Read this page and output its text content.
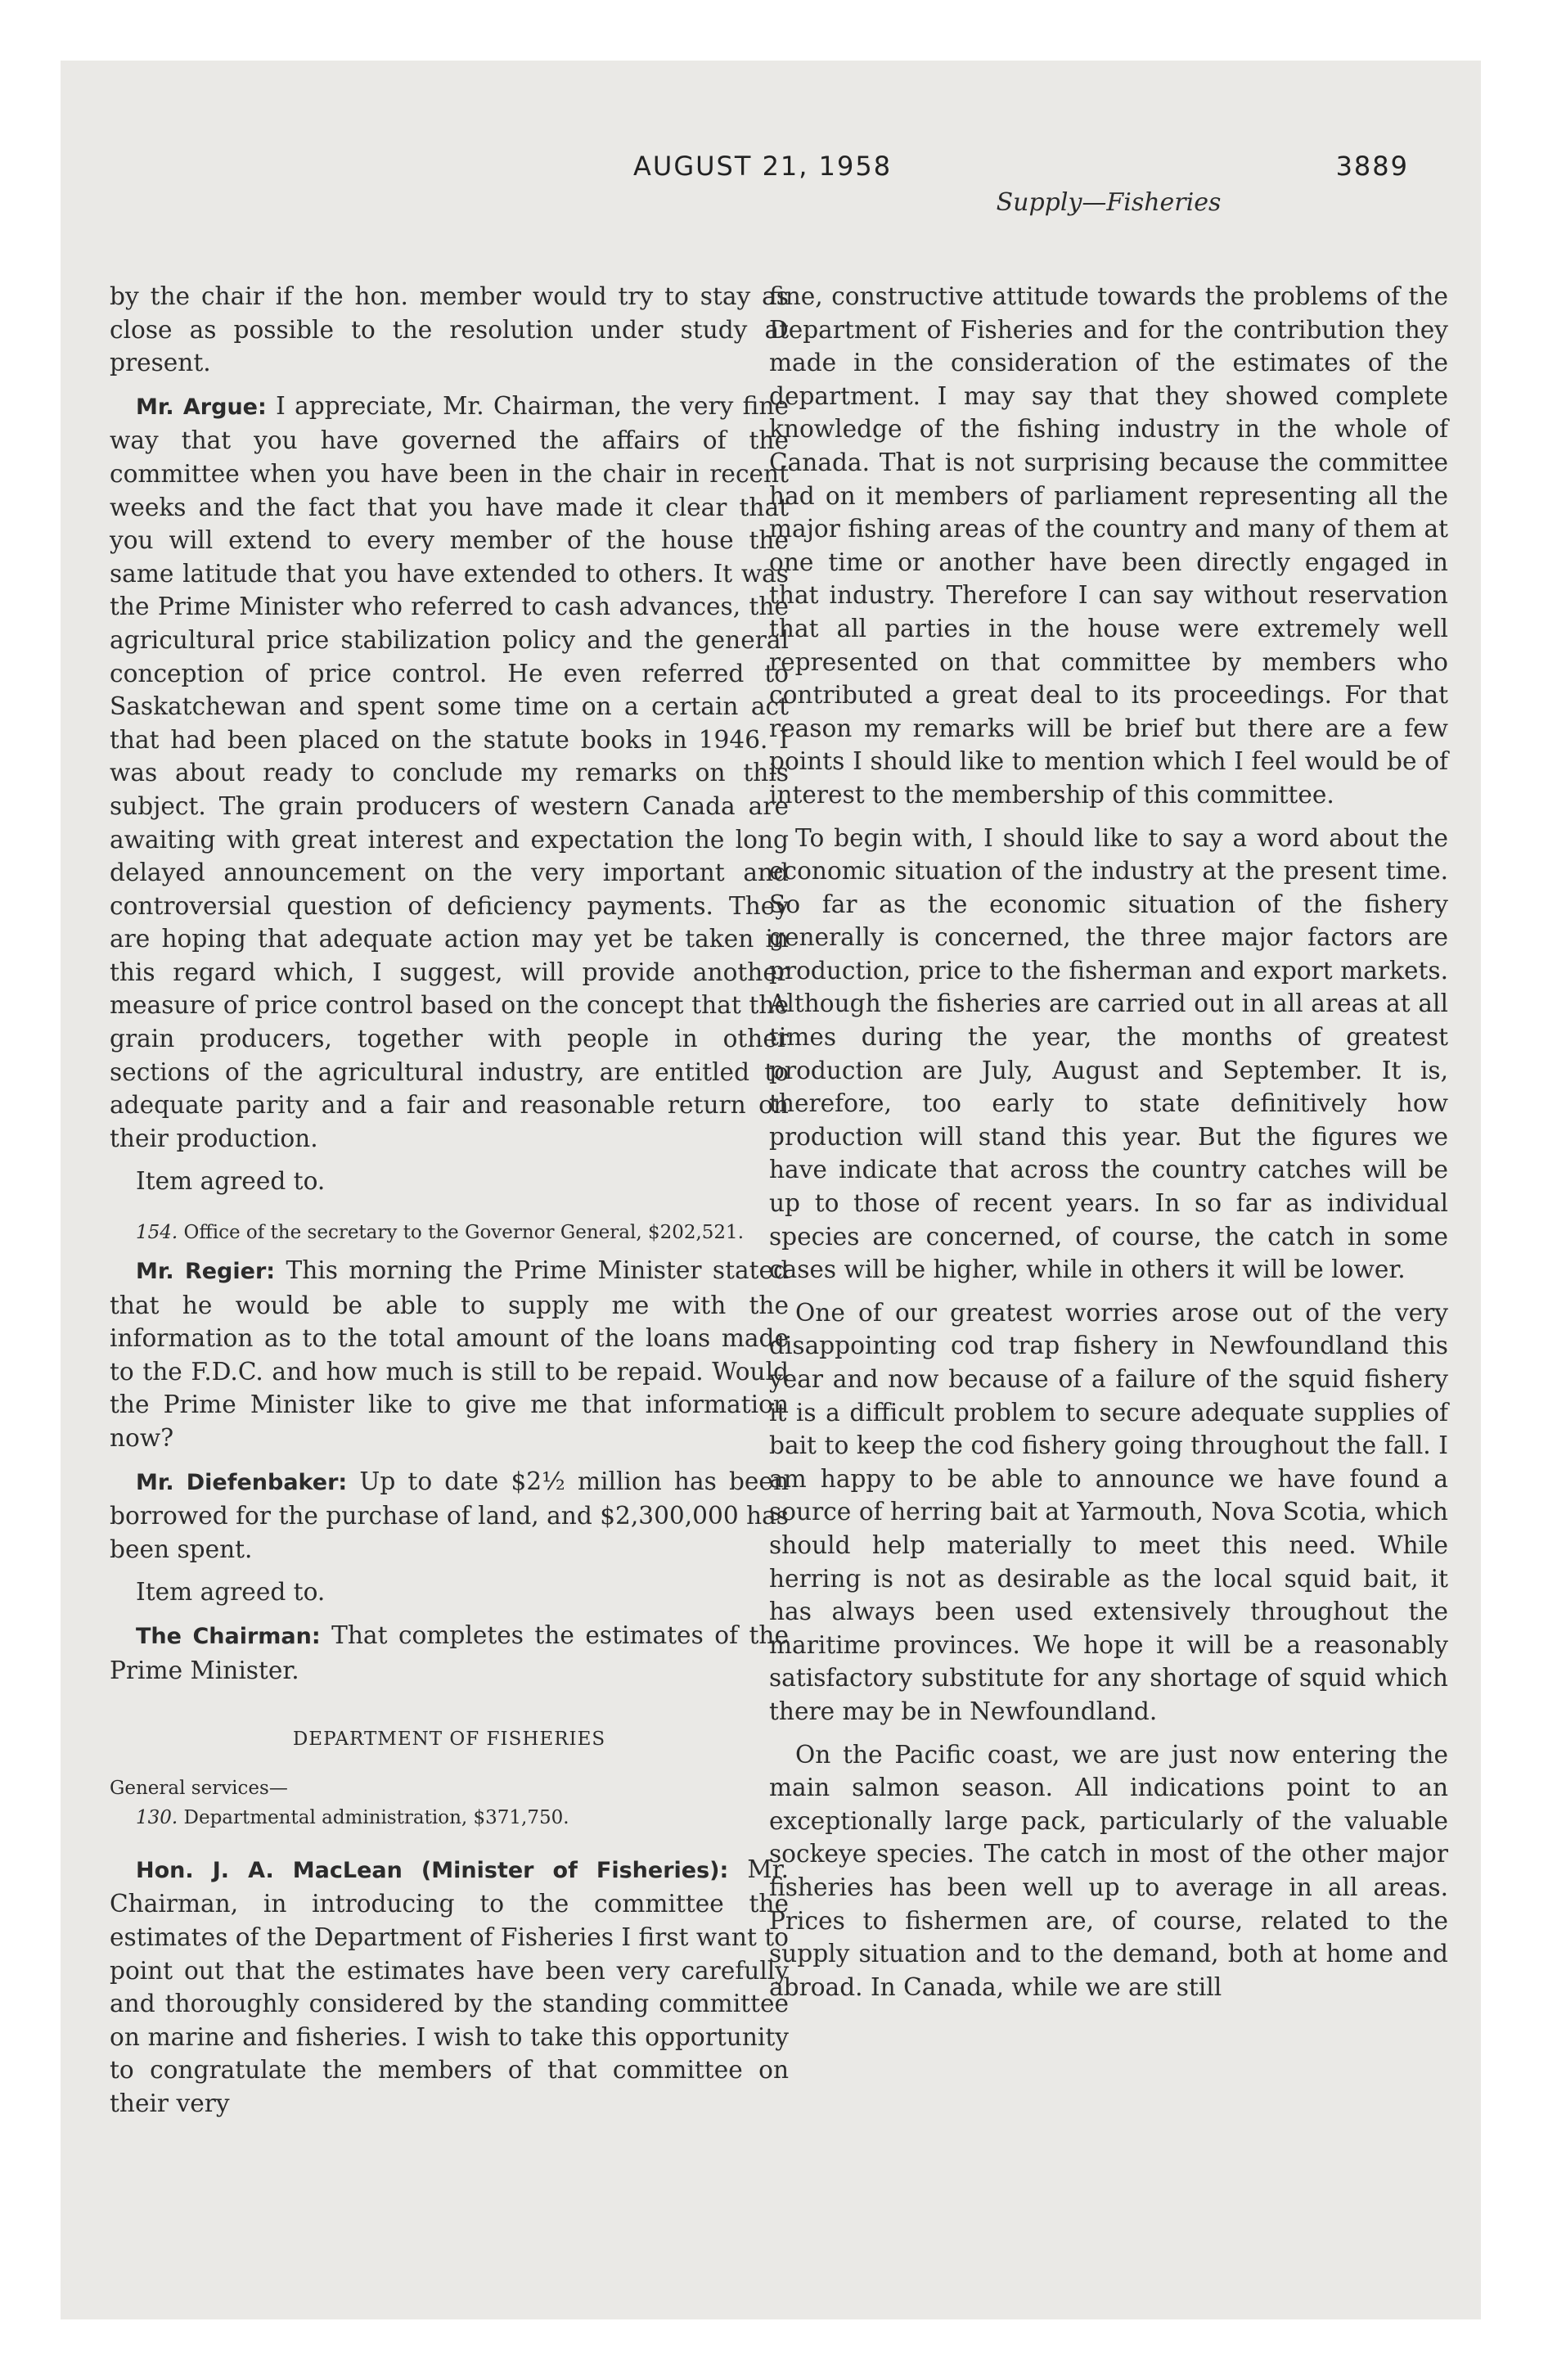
AUGUST 21, 1958	3889
Supply—Fisheries

by the chair if the hon. member would try to stay as close as possible to the resolution under study at present.

Mr. Argue: I appreciate, Mr. Chairman, the very fine way that you have governed the affairs of the committee when you have been in the chair in recent weeks and the fact that you have made it clear that you will extend to every member of the house the same latitude that you have extended to others. It was the Prime Minister who referred to cash advances, the agricultural price stabilization policy and the general conception of price control. He even referred to Saskatchewan and spent some time on a certain act that had been placed on the statute books in 1946. I was about ready to conclude my remarks on this subject. The grain producers of western Canada are awaiting with great interest and expectation the long delayed announcement on the very important and controversial question of deficiency payments. They are hoping that adequate action may yet be taken in this regard which, I suggest, will provide another measure of price control based on the concept that the grain producers, together with people in other sections of the agricultural industry, are entitled to adequate parity and a fair and reasonable return on their production.

Item agreed to.

154. Office of the secretary to the Governor General, $202,521.

Mr. Regier: This morning the Prime Minister stated that he would be able to supply me with the information as to the total amount of the loans made to the F.D.C. and how much is still to be repaid. Would the Prime Minister like to give me that information now?

Mr. Diefenbaker: Up to date $2½ million has been borrowed for the purchase of land, and $2,300,000 has been spent.

Item agreed to.

The Chairman: That completes the estimates of the Prime Minister.

DEPARTMENT OF FISHERIES
General services—
130. Departmental administration, $371,750.

Hon. J. A. MacLean (Minister of Fisheries): Mr. Chairman, in introducing to the committee the estimates of the Department of Fisheries I first want to point out that the estimates have been very carefully and thoroughly considered by the standing committee on marine and fisheries. I wish to take this opportunity to congratulate the members of that committee on their very

fine, constructive attitude towards the problems of the Department of Fisheries and for the contribution they made in the consideration of the estimates of the department. I may say that they showed complete knowledge of the fishing industry in the whole of Canada. That is not surprising because the committee had on it members of parliament representing all the major fishing areas of the country and many of them at one time or another have been directly engaged in that industry. Therefore I can say without reservation that all parties in the house were extremely well represented on that committee by members who contributed a great deal to its proceedings. For that reason my remarks will be brief but there are a few points I should like to mention which I feel would be of interest to the membership of this committee.

To begin with, I should like to say a word about the economic situation of the industry at the present time. So far as the economic situation of the fishery generally is concerned, the three major factors are production, price to the fisherman and export markets. Although the fisheries are carried out in all areas at all times during the year, the months of greatest production are July, August and September. It is, therefore, too early to state definitively how production will stand this year. But the figures we have indicate that across the country catches will be up to those of recent years. In so far as individual species are concerned, of course, the catch in some cases will be higher, while in others it will be lower.

One of our greatest worries arose out of the very disappointing cod trap fishery in Newfoundland this year and now because of a failure of the squid fishery it is a difficult problem to secure adequate supplies of bait to keep the cod fishery going throughout the fall. I am happy to be able to announce we have found a source of herring bait at Yarmouth, Nova Scotia, which should help materially to meet this need. While herring is not as desirable as the local squid bait, it has always been used extensively throughout the maritime provinces. We hope it will be a reasonably satisfactory substitute for any shortage of squid which there may be in Newfoundland.

On the Pacific coast, we are just now entering the main salmon season. All indications point to an exceptionally large pack, particularly of the valuable sockeye species. The catch in most of the other major fisheries has been well up to average in all areas. Prices to fishermen are, of course, related to the supply situation and to the demand, both at home and abroad. In Canada, while we are still
